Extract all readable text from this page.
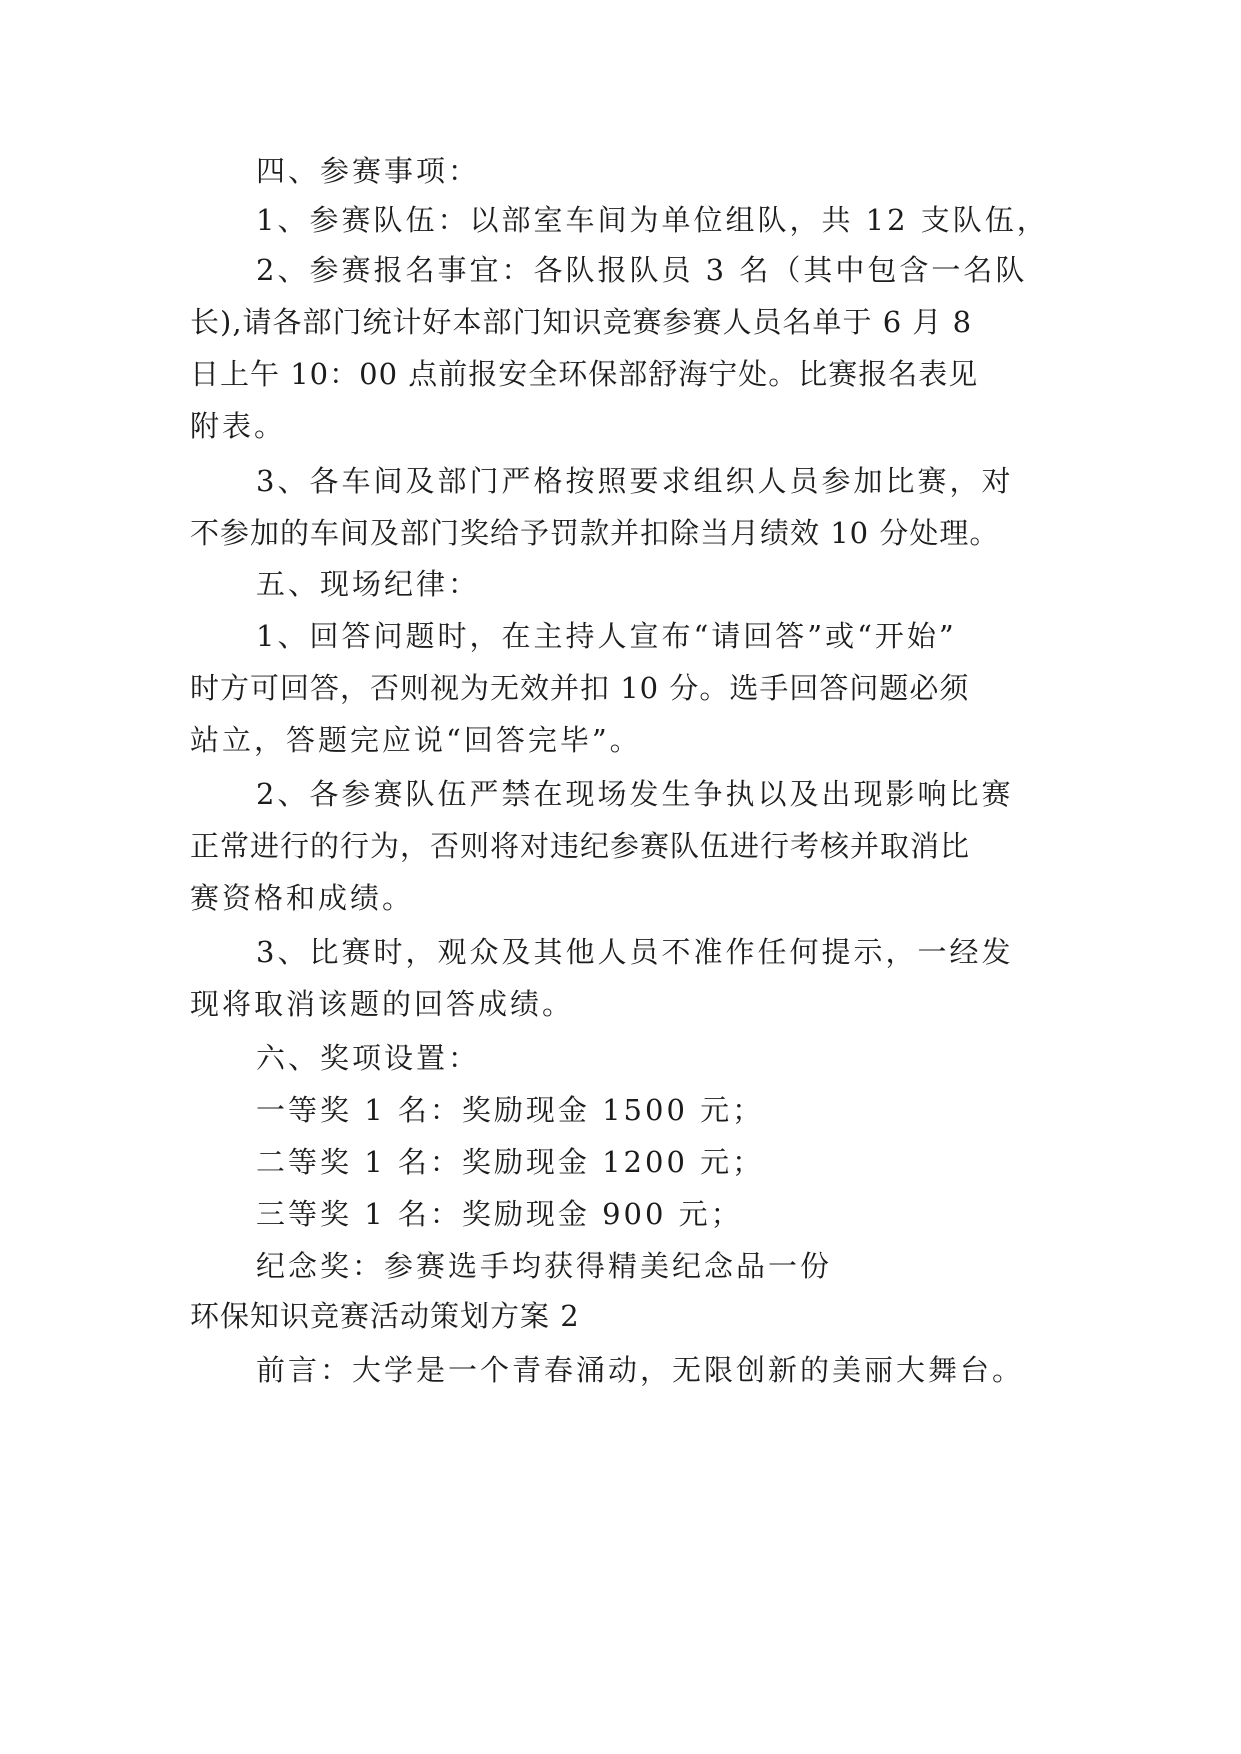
四、参赛事项：
1、参赛队伍：以部室车间为单位组队，共 12 支队伍，
2、参赛报名事宜：各队报队员 3 名（其中包含一名队
长),请各部门统计好本部门知识竞赛参赛人员名单于 6 月 8
日上午 10：00 点前报安全环保部舒海宁处。比赛报名表见
附表。
3、各车间及部门严格按照要求组织人员参加比赛，对
不参加的车间及部门奖给予罚款并扣除当月绩效 10 分处理。
五、现场纪律：
1、回答问题时，在主持人宣布“请回答”或“开始”
时方可回答，否则视为无效并扣 10 分。选手回答问题必须
站立，答题完应说“回答完毕”。
2、各参赛队伍严禁在现场发生争执以及出现影响比赛
正常进行的行为，否则将对违纪参赛队伍进行考核并取消比
赛资格和成绩。
3、比赛时，观众及其他人员不准作任何提示，一经发
现将取消该题的回答成绩。
六、奖项设置：
一等奖 1 名：奖励现金 1500 元；
二等奖 1 名：奖励现金 1200 元；
三等奖 1 名：奖励现金 900 元；
纪念奖：参赛选手均获得精美纪念品一份
环保知识竞赛活动策划方案 2
前言：大学是一个青春涌动，无限创新的美丽大舞台。
